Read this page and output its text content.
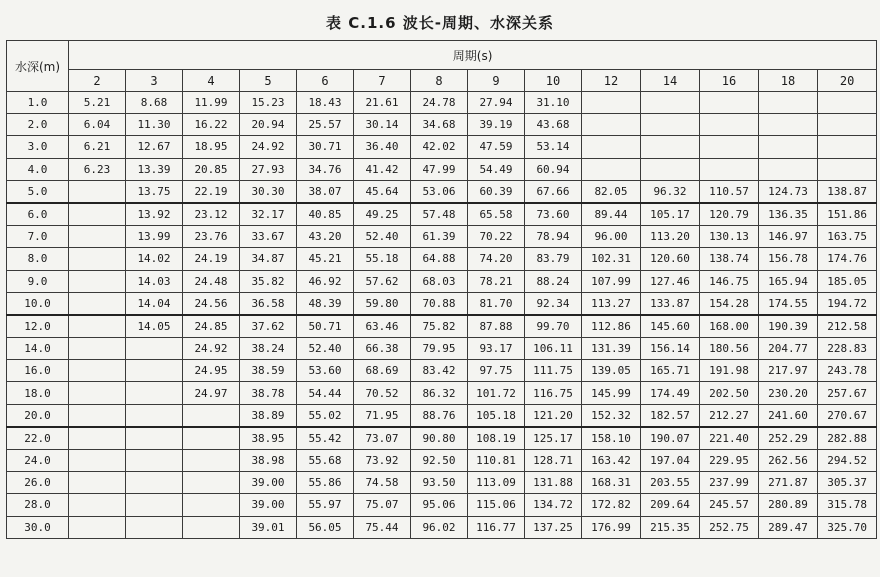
表 C.1.6 波长-周期、水深关系
水深(m)	周期(s)													
	2	3	4	5	6	7	8	9	10	12	14	16	18	20
1.0	5.21	8.68	11.99	15.23	18.43	21.61	24.78	27.94	31.10					
2.0	6.04	11.30	16.22	20.94	25.57	30.14	34.68	39.19	43.68					
3.0	6.21	12.67	18.95	24.92	30.71	36.40	42.02	47.59	53.14					
4.0	6.23	13.39	20.85	27.93	34.76	41.42	47.99	54.49	60.94					
5.0		13.75	22.19	30.30	38.07	45.64	53.06	60.39	67.66	82.05	96.32	110.57	124.73	138.87
6.0		13.92	23.12	32.17	40.85	49.25	57.48	65.58	73.60	89.44	105.17	120.79	136.35	151.86
7.0		13.99	23.76	33.67	43.20	52.40	61.39	70.22	78.94	96.00	113.20	130.13	146.97	163.75
8.0		14.02	24.19	34.87	45.21	55.18	64.88	74.20	83.79	102.31	120.60	138.74	156.78	174.76
9.0		14.03	24.48	35.82	46.92	57.62	68.03	78.21	88.24	107.99	127.46	146.75	165.94	185.05
10.0		14.04	24.56	36.58	48.39	59.80	70.88	81.70	92.34	113.27	133.87	154.28	174.55	194.72
12.0		14.05	24.85	37.62	50.71	63.46	75.82	87.88	99.70	112.86	145.60	168.00	190.39	212.58
14.0			24.92	38.24	52.40	66.38	79.95	93.17	106.11	131.39	156.14	180.56	204.77	228.83
16.0			24.95	38.59	53.60	68.69	83.42	97.75	111.75	139.05	165.71	191.98	217.97	243.78
18.0			24.97	38.78	54.44	70.52	86.32	101.72	116.75	145.99	174.49	202.50	230.20	257.67
20.0				38.89	55.02	71.95	88.76	105.18	121.20	152.32	182.57	212.27	241.60	270.67
22.0				38.95	55.42	73.07	90.80	108.19	125.17	158.10	190.07	221.40	252.29	282.88
24.0				38.98	55.68	73.92	92.50	110.81	128.71	163.42	197.04	229.95	262.56	294.52
26.0				39.00	55.86	74.58	93.50	113.09	131.88	168.31	203.55	237.99	271.87	305.37
28.0				39.00	55.97	75.07	95.06	115.06	134.72	172.82	209.64	245.57	280.89	315.78
30.0				39.01	56.05	75.44	96.02	116.77	137.25	176.99	215.35	252.75	289.47	325.70
